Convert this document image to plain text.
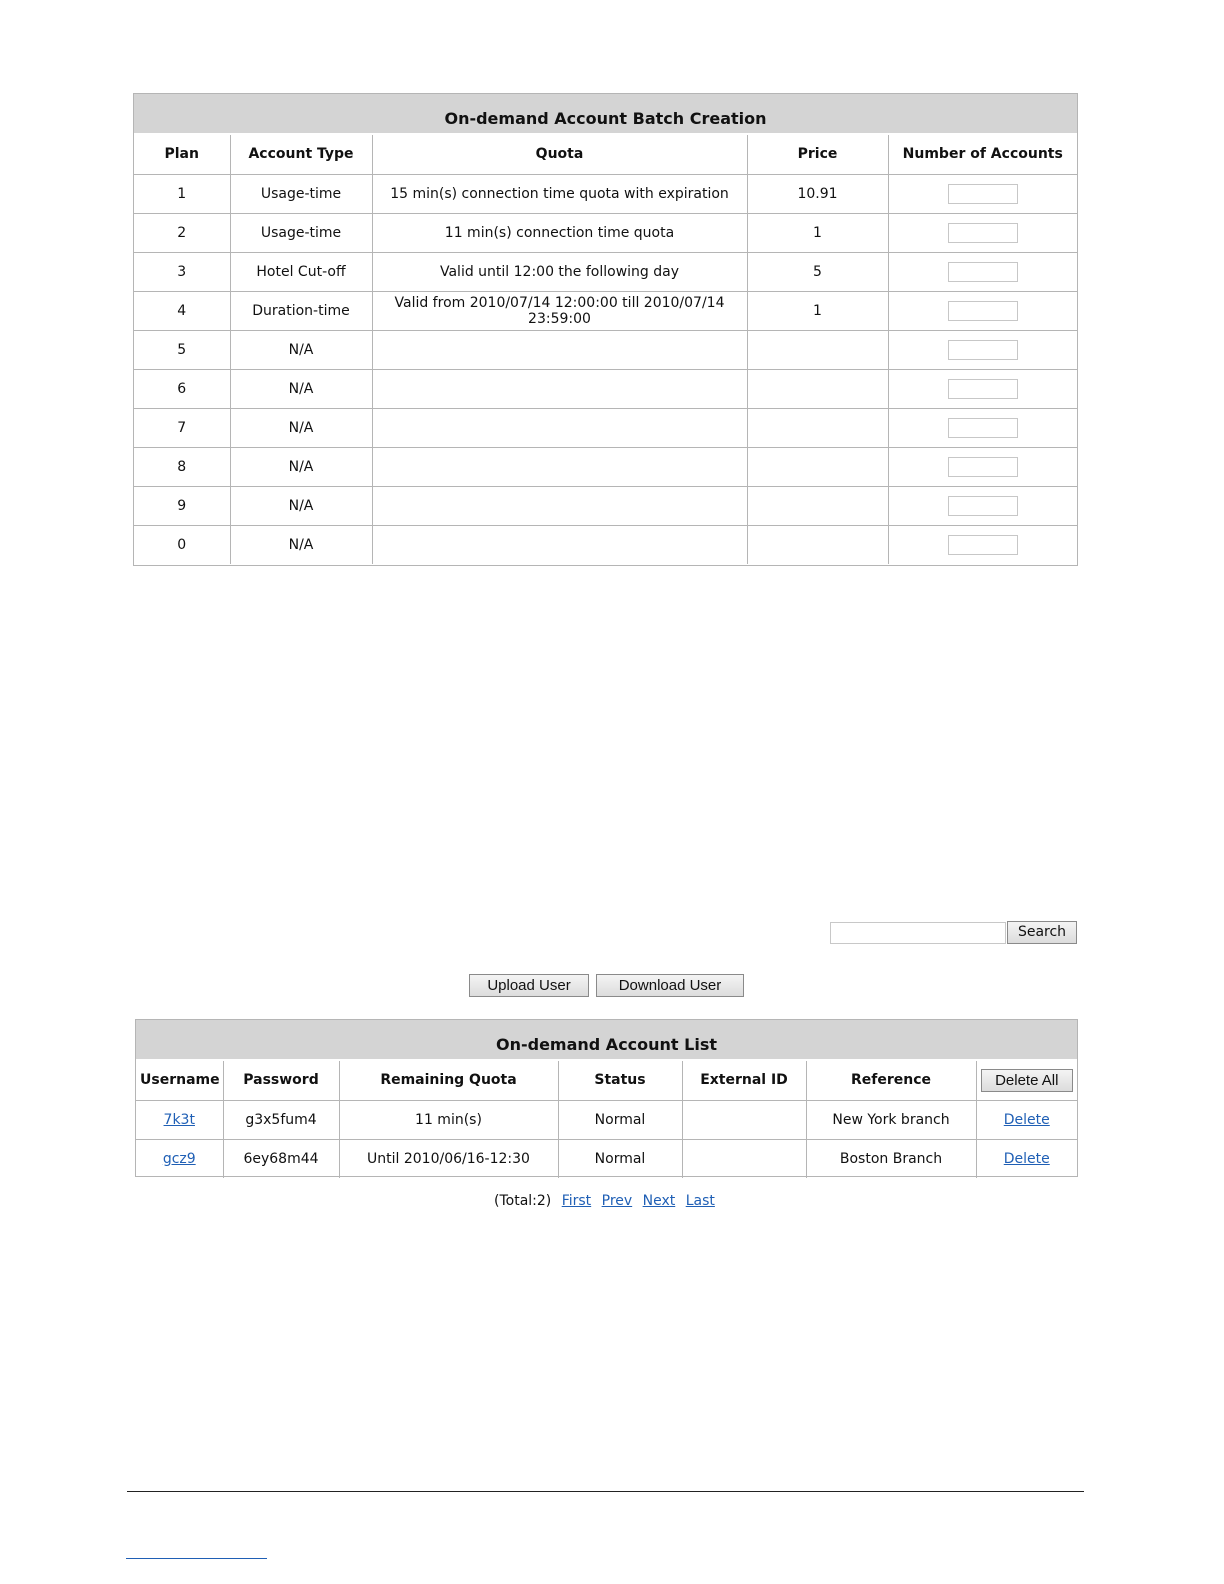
On-demand Account Batch Creation
Plan	Account Type	Quota	Price	Number of Accounts
1	Usage-time	15 min(s) connection time quota with expiration	10.91	
2	Usage-time	11 min(s) connection time quota	1	
3	Hotel Cut-off	Valid until 12:00 the following day	5	
4	Duration-time	Valid from 2010/07/14 12:00:00 till 2010/07/14 23:59:00	1	
5	N/A			
6	N/A			
7	N/A			
8	N/A			
9	N/A			
0	N/A			
Search
Upload User	Download User
On-demand Account List
Username	Password	Remaining Quota	Status	External ID	Reference	Delete All
7k3t	g3x5fum4	11 min(s)	Normal		New York branch	Delete
gcz9	6ey68m44	Until 2010/06/16-12:30	Normal		Boston Branch	Delete
(Total:2) First Prev Next Last
